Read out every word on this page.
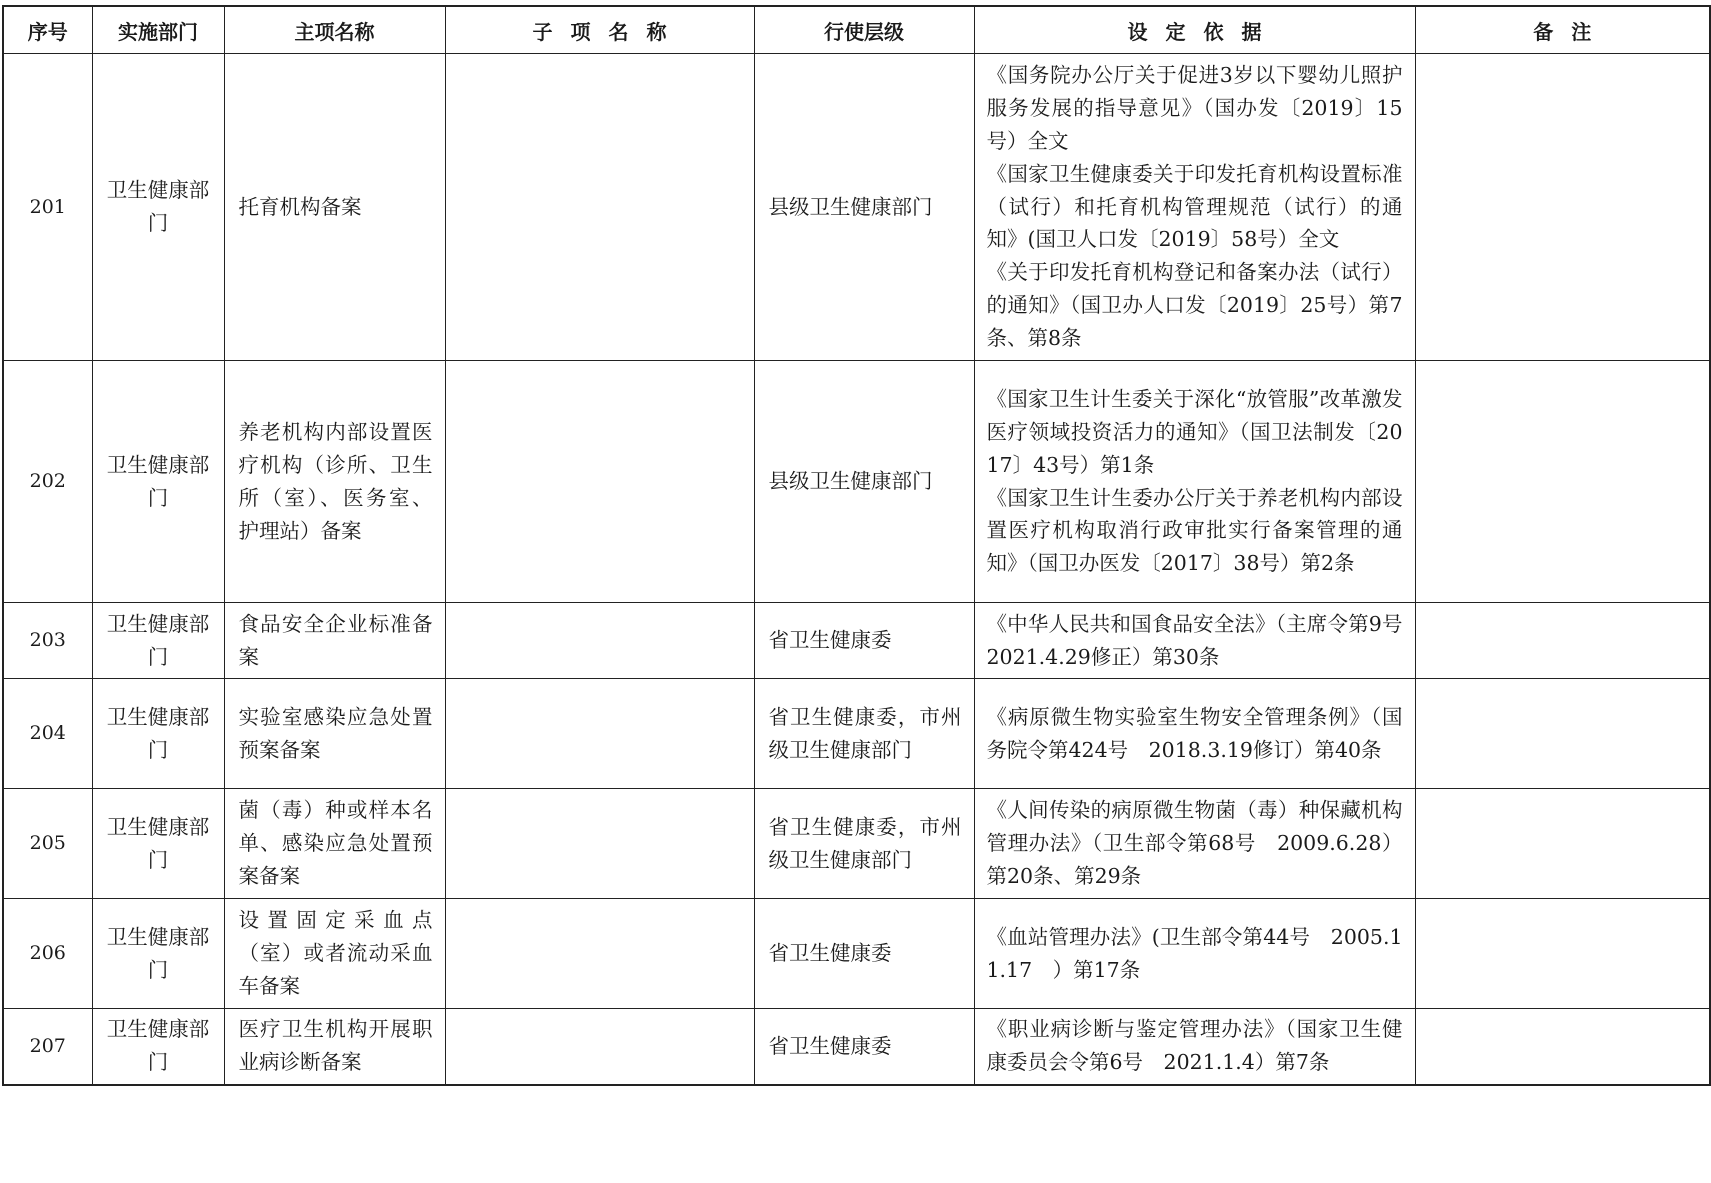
序号	实施部门	主项名称	子项名称	行使层级	设定依据	备注
201	卫生健康部门	托育机构备案		县级卫生健康部门	《国务院办公厅关于促进3岁以下婴幼儿照护服务发展的指导意见》（国办发〔2019〕15号）全文
《国家卫生健康委关于印发托育机构设置标准（试行）和托育机构管理规范（试行）的通知》(国卫人口发〔2019〕58号）全文
《关于印发托育机构登记和备案办法（试行）的通知》（国卫办人口发〔2019〕25号）第7条、第8条	
202	卫生健康部门	养老机构内部设置医疗机构（诊所、卫生所（室）、医务室、护理站）备案		县级卫生健康部门	《国家卫生计生委关于深化“放管服”改革激发医疗领域投资活力的通知》（国卫法制发〔2017〕43号）第1条
《国家卫生计生委办公厅关于养老机构内部设置医疗机构取消行政审批实行备案管理的通知》（国卫办医发〔2017〕38号）第2条	
203	卫生健康部门	食品安全企业标准备案		省卫生健康委	《中华人民共和国食品安全法》（主席令第9号　2021.4.29修正）第30条	
204	卫生健康部门	实验室感染应急处置预案备案		省卫生健康委，市州级卫生健康部门	《病原微生物实验室生物安全管理条例》（国务院令第424号　2018.3.19修订）第40条	
205	卫生健康部门	菌（毒）种或样本名单、感染应急处置预案备案		省卫生健康委，市州级卫生健康部门	《人间传染的病原微生物菌（毒）种保藏机构管理办法》（卫生部令第68号　2009.6.28）第20条、第29条	
206	卫生健康部门	设置固定采血点（室）或者流动采血车备案		省卫生健康委	《血站管理办法》(卫生部令第44号　2005.11.17　）第17条	
207	卫生健康部门	医疗卫生机构开展职业病诊断备案		省卫生健康委	《职业病诊断与鉴定管理办法》（国家卫生健康委员会令第6号　2021.1.4）第7条	
